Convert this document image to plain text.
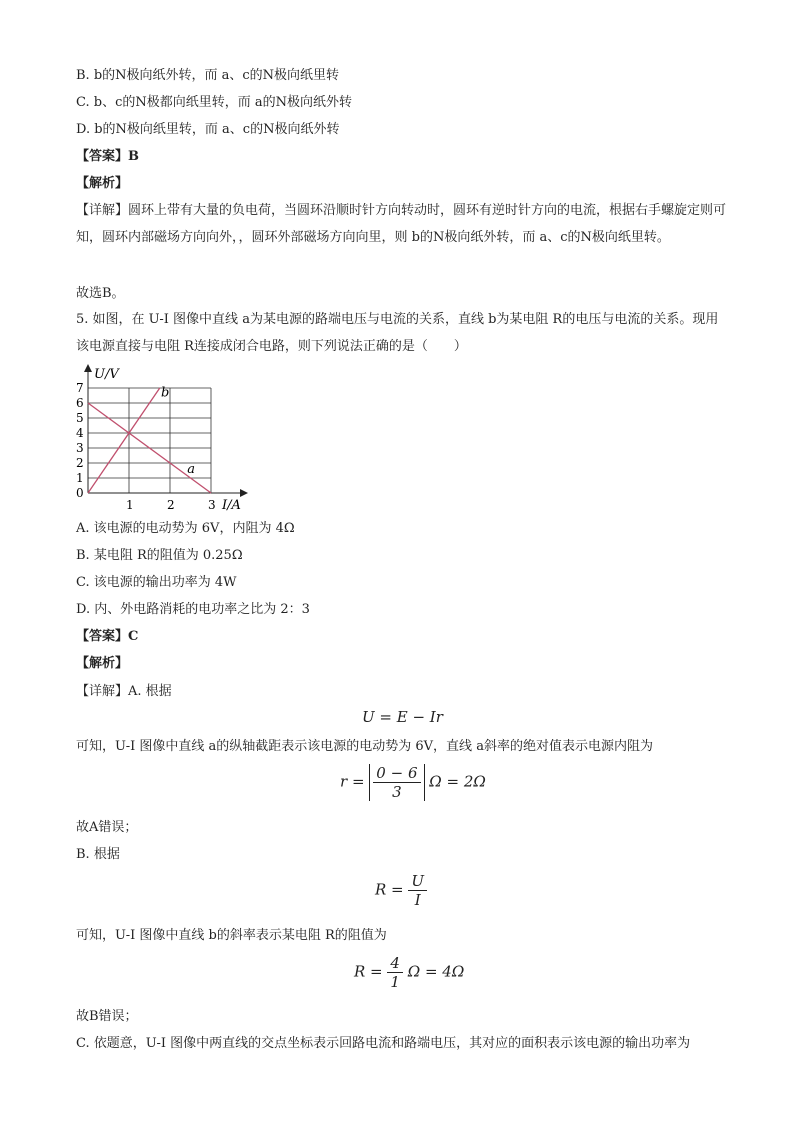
B. b的N极向纸外转，而 a、c的N极向纸里转
C. b、c的N极都向纸里转，而 a的N极向纸外转
D. b的N极向纸里转，而 a、c的N极向纸外转
【答案】B
【解析】
【详解】圆环上带有大量的负电荷，当圆环沿顺时针方向转动时，圆环有逆时针方向的电流，根据右手螺旋定则可知，圆环内部磁场方向向外，，圆环外部磁场方向向里，则 b的N极向纸外转，而 a、c的N极向纸里转。
故选B。
5. 如图，在 U-I 图像中直线 a为某电源的路端电压与电流的关系，直线 b为某电阻 R的电压与电流的关系。现用该电源直接与电阻 R连接成闭合电路，则下列说法正确的是（　　）
a
b
0
1
2
3
4
5
6
7
1	2	3
U/V
I/A
A. 该电源的电动势为 6V，内阻为 4Ω
B. 某电阻 R的阻值为 0.25Ω
C. 该电源的输出功率为 4W
D. 内、外电路消耗的电功率之比为 2：3
【答案】C
【解析】
【详解】A. 根据
U = E − Ir
可知，U-I 图像中直线 a的纵轴截距表示该电源的电动势为 6V，直线 a斜率的绝对值表示电源内阻为
$r = \frac{0 - 6}{3}$ Ω = 2Ω
故A错误；
B. 根据
$R = \frac{U}{I}$
可知，U-I 图像中直线 b的斜率表示某电阻 R的阻值为
$R = \frac{4}{1}$ Ω = 4Ω
故B错误；
C. 依题意，U-I 图像中两直线的交点坐标表示回路电流和路端电压，其对应的面积表示该电源的输出功率为
